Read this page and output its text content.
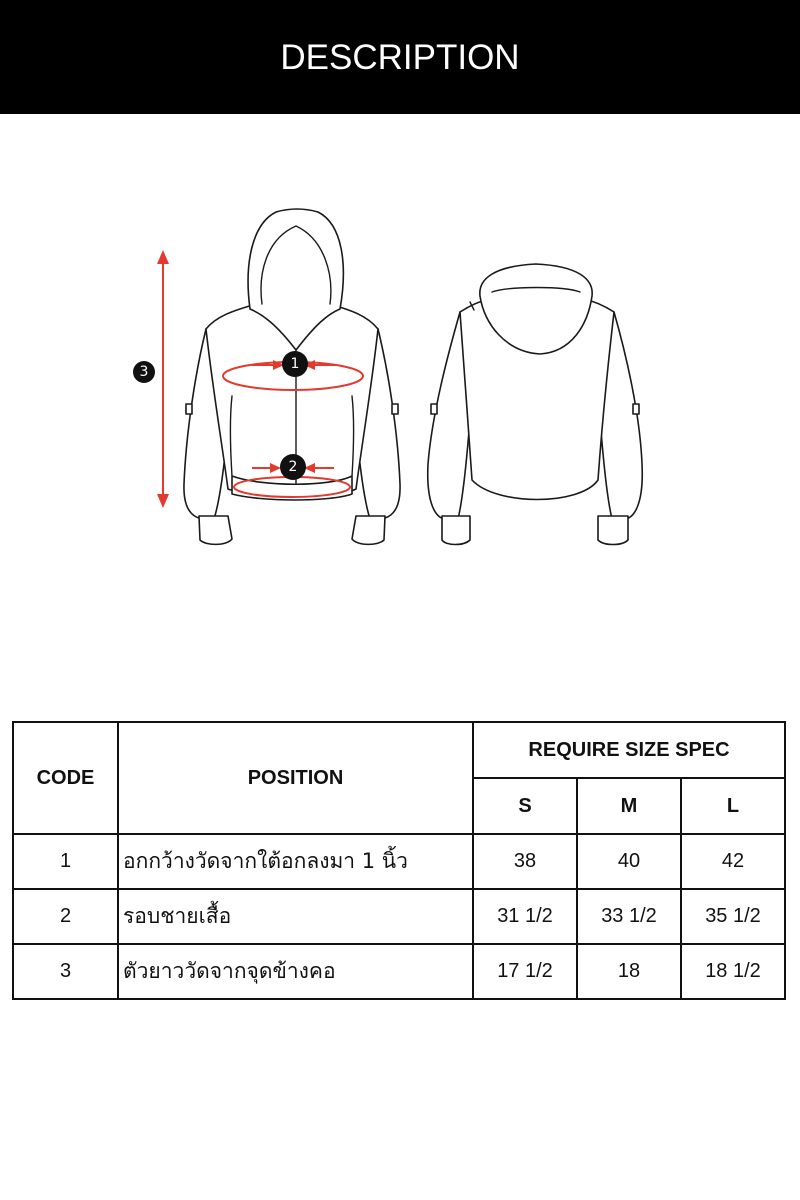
DESCRIPTION
3	1
2
CODE	POSITION	REQUIRE SIZE SPEC		
		S	M	L
1	อกกว้างวัดจากใต้อกลงมา 1 นิ้ว	38	40	42
2	รอบชายเสื้อ	31 1/2	33 1/2	35 1/2
3	ตัวยาววัดจากจุดข้างคอ	17 1/2	18	18 1/2
